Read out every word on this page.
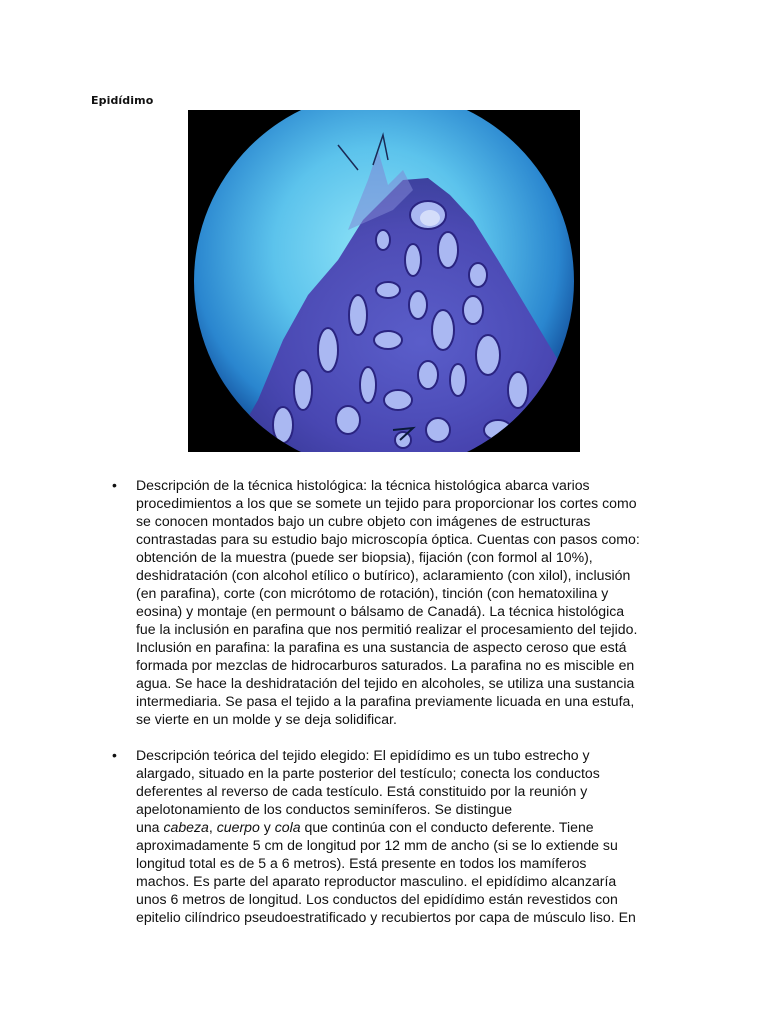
Epidídimo
• Descripción de la técnica histológica: la técnica histológica abarca varios
procedimientos a los que se somete un tejido para proporcionar los cortes como
se conocen montados bajo un cubre objeto con imágenes de estructuras
contrastadas para su estudio bajo microscopía óptica. Cuentas con pasos como:
obtención de la muestra (puede ser biopsia), fijación (con formol al 10%),
deshidratación (con alcohol etílico o butírico), aclaramiento (con xilol), inclusión
(en parafina), corte (con micrótomo de rotación), tinción (con hematoxilina y
eosina) y montaje (en permount o bálsamo de Canadá). La técnica histológica
fue la inclusión en parafina que nos permitió realizar el procesamiento del tejido.
Inclusión en parafina: la parafina es una sustancia de aspecto ceroso que está
formada por mezclas de hidrocarburos saturados. La parafina no es miscible en
agua. Se hace la deshidratación del tejido en alcoholes, se utiliza una sustancia
intermediaria. Se pasa el tejido a la parafina previamente licuada en una estufa,
se vierte en un molde y se deja solidificar.
• Descripción teórica del tejido elegido: El epidídimo es un tubo estrecho y
alargado, situado en la parte posterior del testículo; conecta los conductos
deferentes al reverso de cada testículo. Está constituido por la reunión y
apelotonamiento de los conductos seminíferos. Se distingue
una cabeza, cuerpo y cola que continúa con el conducto deferente. Tiene
aproximadamente 5 cm de longitud por 12 mm de ancho (si se lo extiende su
longitud total es de 5 a 6 metros). Está presente en todos los mamíferos
machos. Es parte del aparato reproductor masculino. el epidídimo alcanzaría
unos 6 metros de longitud. Los conductos del epidídimo están revestidos con
epitelio cilíndrico pseudoestratificado y recubiertos por capa de músculo liso. En
